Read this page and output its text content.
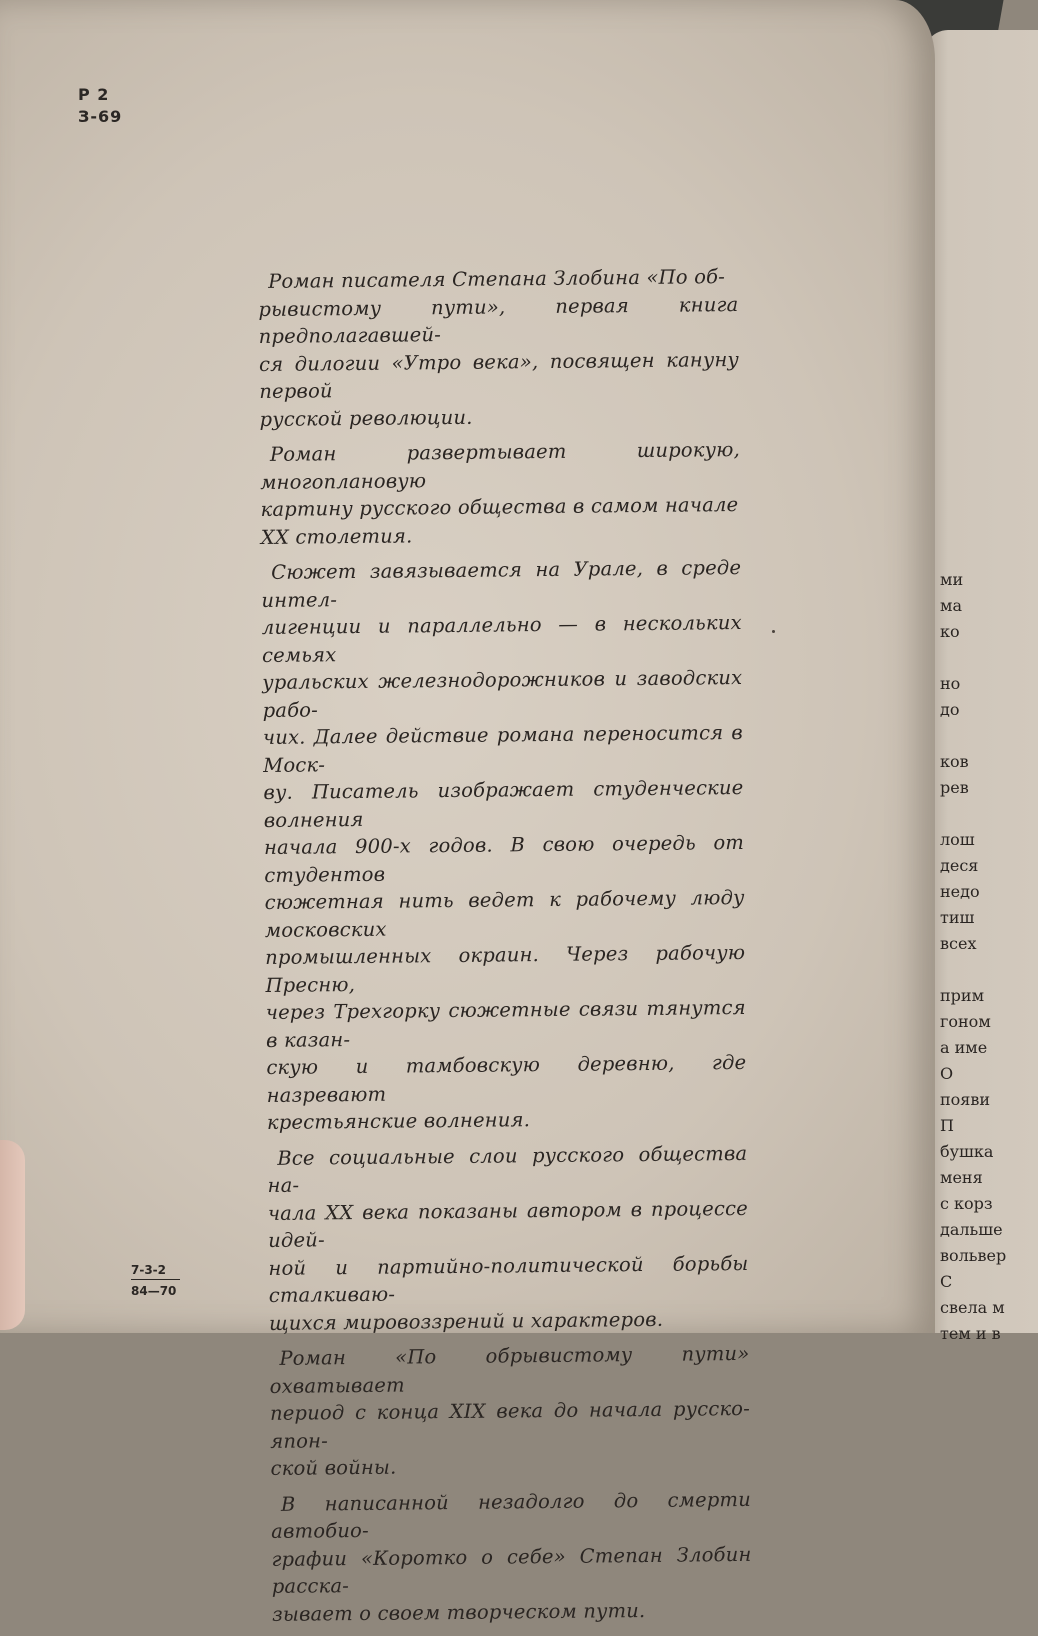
ми
ма
ко
но
до
ков
рев
лош
деся
недо
тиш
всех
прим
гоном
а име
О
появи
П
бушка
меня
с корз
дальше
вольвер
С
свела м
тем и в
Р 2
З-69

Роман писателя Степана Злобина «По об-
рывистому пути», первая книга предполагавшей-
ся дилогии «Утро века», посвящен кануну первой
русской революции.

Роман развертывает широкую, многоплановую
картину русского общества в самом начале
XX столетия.

Сюжет завязывается на Урале, в среде интел-
лигенции и параллельно — в нескольких семьях
уральских железнодорожников и заводских рабо-
чих. Далее действие романа переносится в Моск-
ву. Писатель изображает студенческие волнения
начала 900-х годов. В свою очередь от студентов
сюжетная нить ведет к рабочему люду московских
промышленных окраин. Через рабочую Пресню,
через Трехгорку сюжетные связи тянутся в казан-
скую и тамбовскую деревню, где назревают
крестьянские волнения.

Все социальные слои русского общества на-
чала XX века показаны автором в процессе идей-
ной и партийно-политической борьбы сталкиваю-
щихся мировоззрений и характеров.

Роман «По обрывистому пути» охватывает
период с конца XIX века до начала русско-япон-
ской войны.

В написанной незадолго до смерти автобио-
графии «Коротко о себе» Степан Злобин расска-
зывает о своем творческом пути.

7-3-2
84—70
